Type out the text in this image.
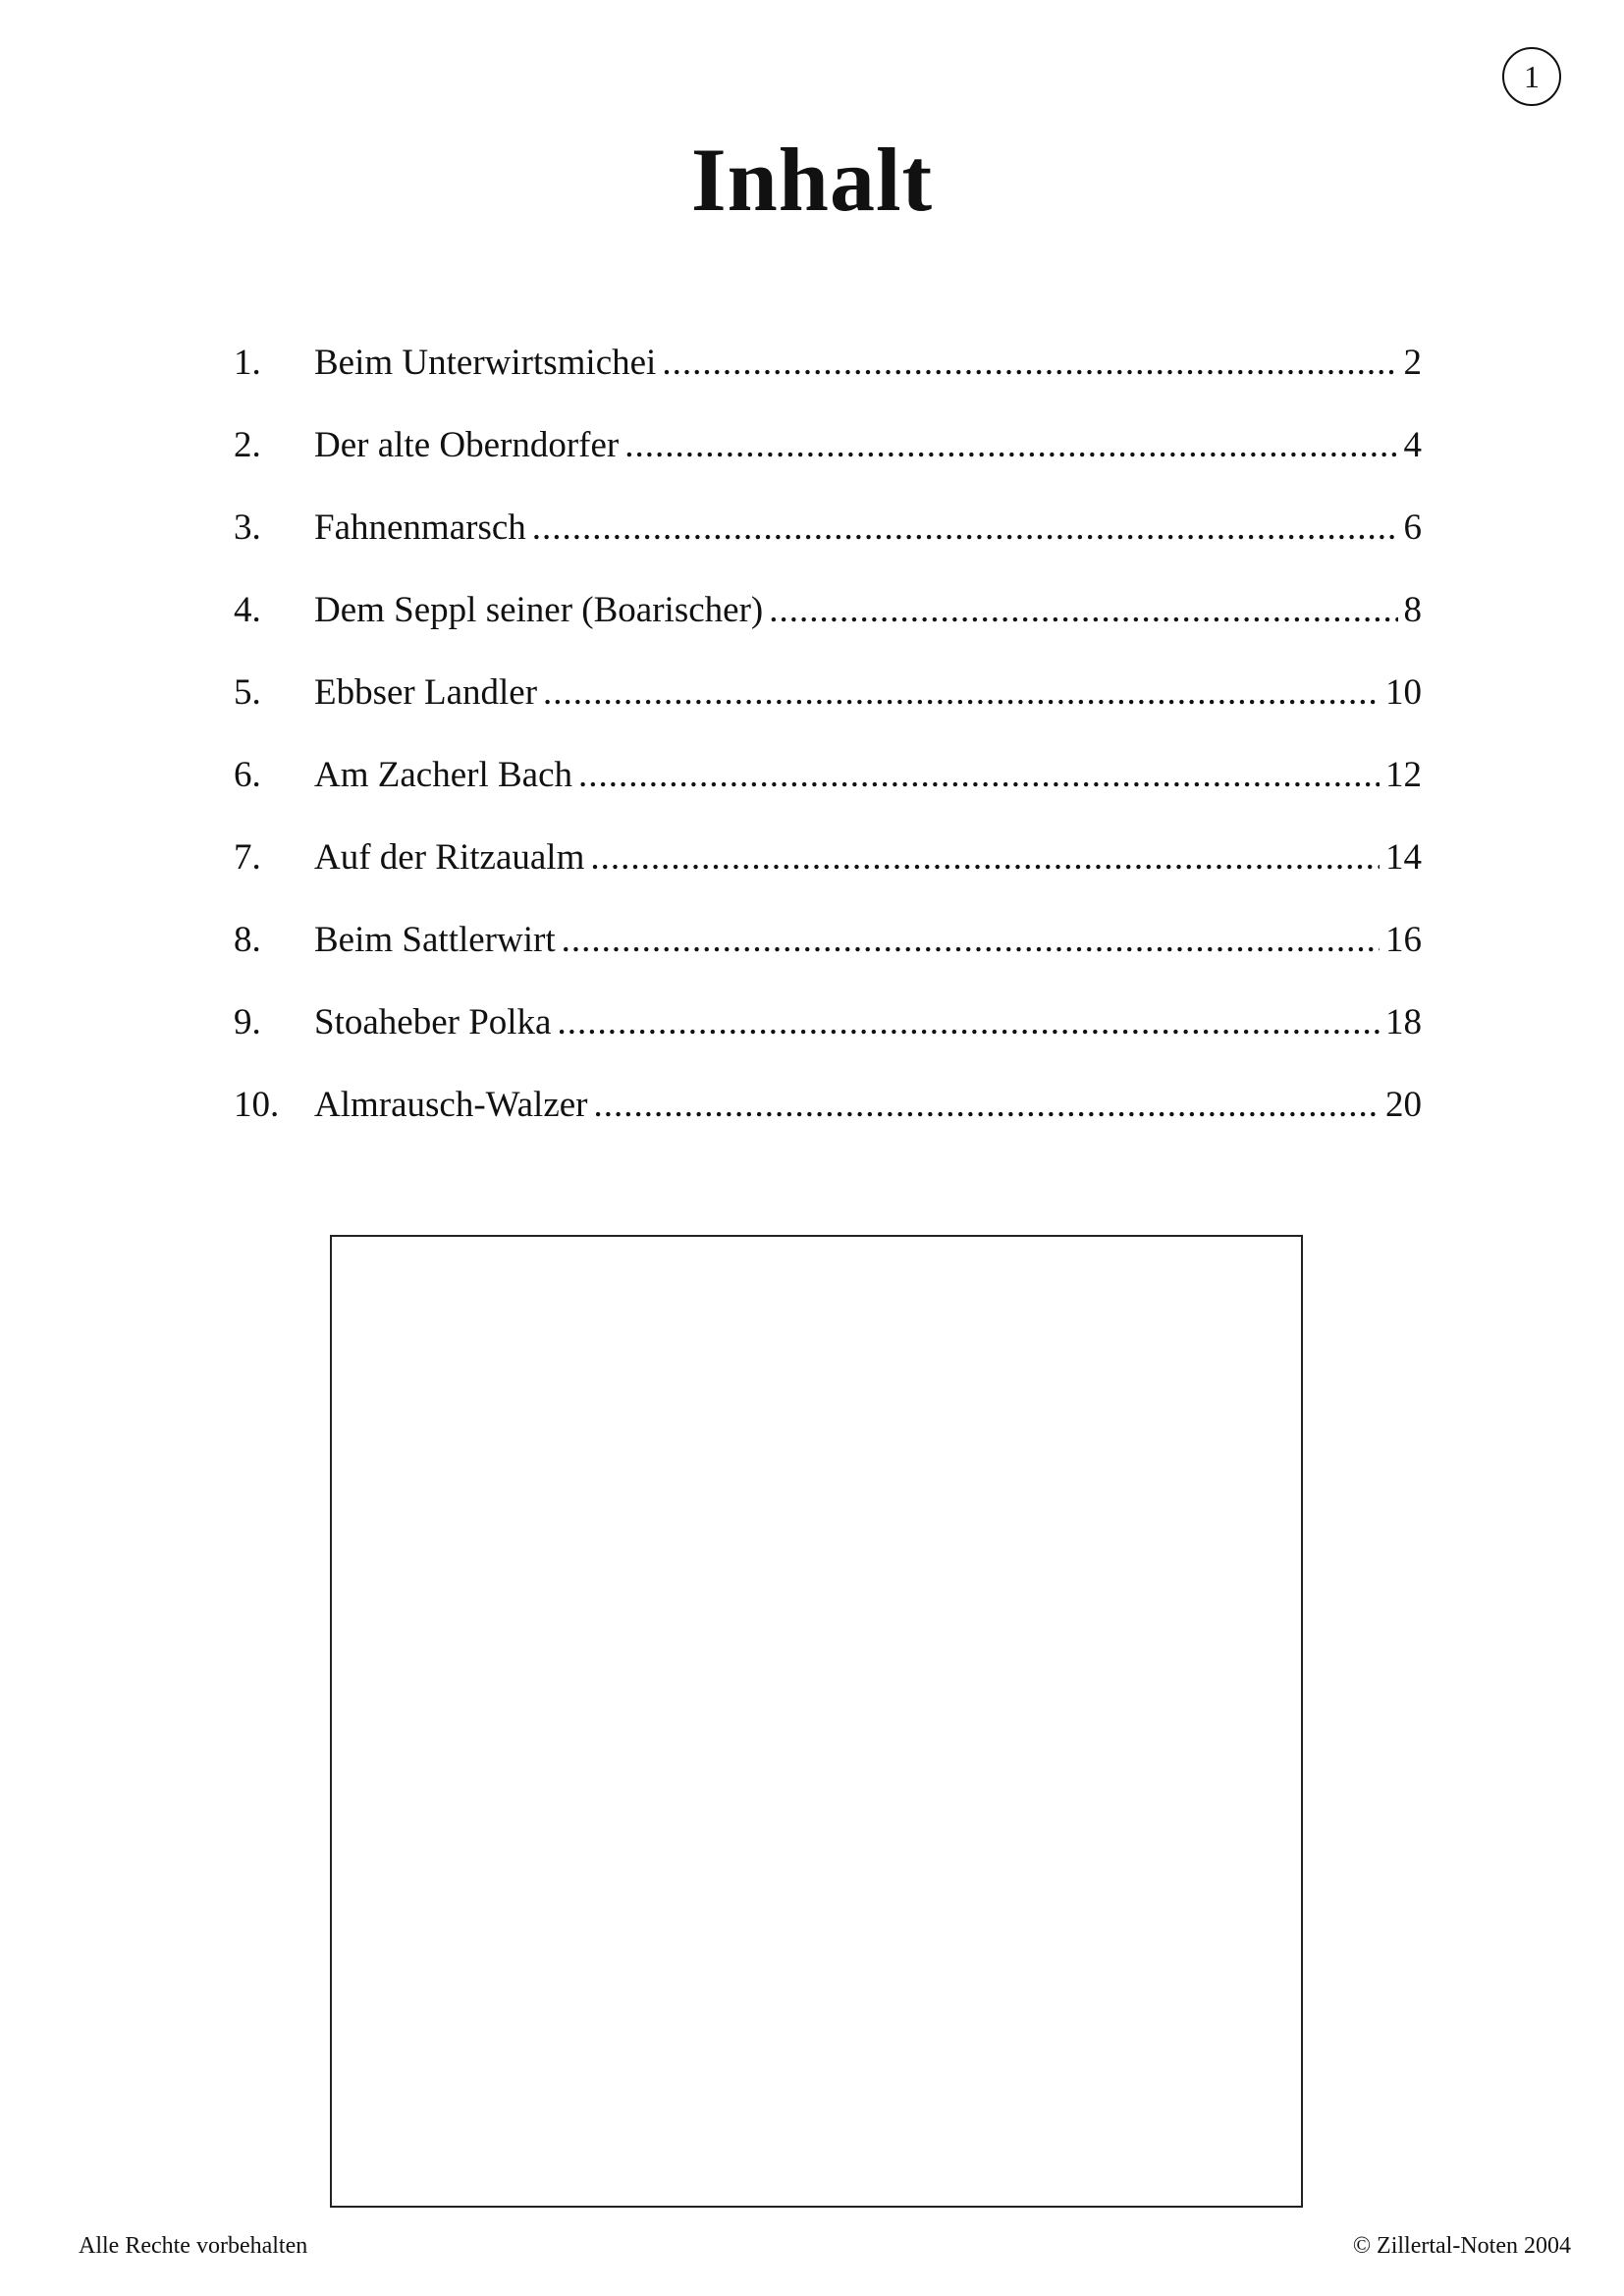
1
Inhalt
1.	Beim Unterwirtsmichei .....	2
2.	Der alte Oberndorfer .....	4
3.	Fahnenmarsch .....	6
4.	Dem Seppl seiner (Boarischer) .....	8
5.	Ebbser Landler .....	10
6.	Am Zacherl Bach .....	12
7.	Auf der Ritzaualm .....	14
8.	Beim Sattlerwirt .....	16
9.	Stoaheber Polka .....	18
10. Almrausch-Walzer .....	20
Alle Rechte vorbehalten	© Zillertal-Noten 2004
